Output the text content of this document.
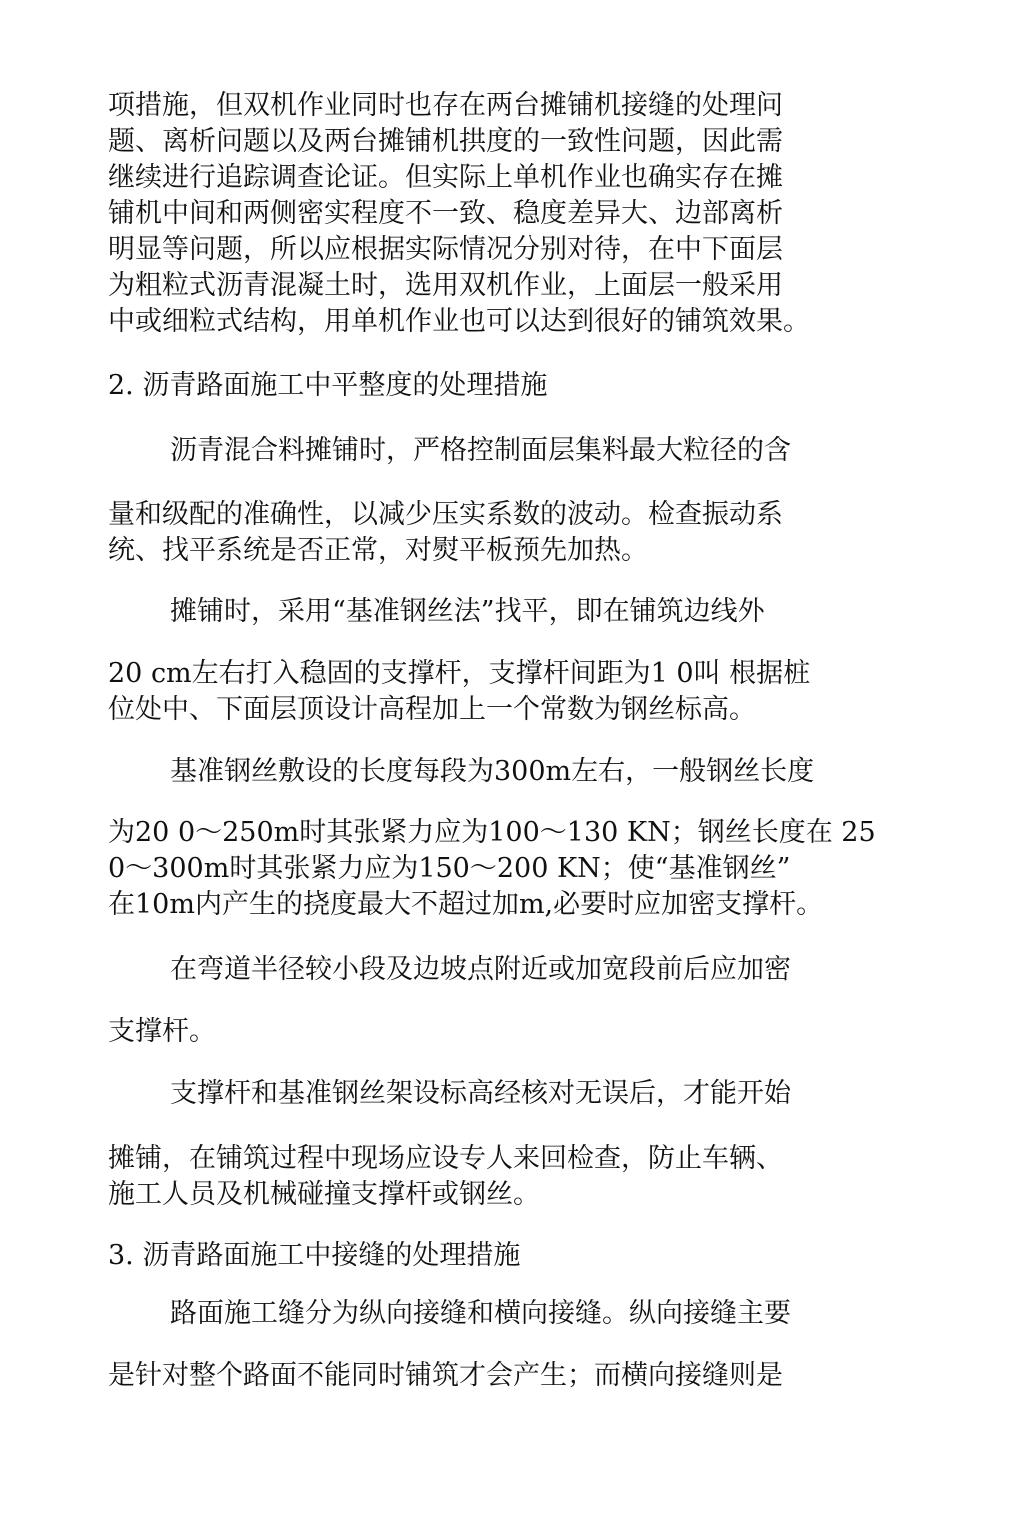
项措施，但双机作业同时也存在两台摊铺机接缝的处理问
题、离析问题以及两台摊铺机拱度的一致性问题，因此需
继续进行追踪调查论证。但实际上单机作业也确实存在摊
铺机中间和两侧密实程度不一致、稳度差异大、边部离析
明显等问题，所以应根据实际情况分别对待，在中下面层
为粗粒式沥青混凝土时，选用双机作业，上面层一般采用
中或细粒式结构，用单机作业也可以达到很好的铺筑效果。
2. 沥青路面施工中平整度的处理措施
沥青混合料摊铺时，严格控制面层集料最大粒径的含
量和级配的准确性，以减少压实系数的波动。检查振动系
统、找平系统是否正常，对熨平板预先加热。
摊铺时，采用“基准钢丝法”找平，即在铺筑边线外
20 cm左右打入稳固的支撑杆，支撑杆间距为1 0叫 根据桩
位处中、下面层顶设计高程加上一个常数为钢丝标高。
基准钢丝敷设的长度每段为300m左右，一般钢丝长度
为20 0～250m时其张紧力应为100～130 KN；钢丝长度在 25
0～300m时其张紧力应为150～200 KN；使“基准钢丝”
在10m内产生的挠度最大不超过加m,必要时应加密支撑杆。
在弯道半径较小段及边坡点附近或加宽段前后应加密
支撑杆。
支撑杆和基准钢丝架设标高经核对无误后，才能开始
摊铺，在铺筑过程中现场应设专人来回检查，防止车辆、
施工人员及机械碰撞支撑杆或钢丝。
3. 沥青路面施工中接缝的处理措施
路面施工缝分为纵向接缝和横向接缝。纵向接缝主要
是针对整个路面不能同时铺筑才会产生；而横向接缝则是
